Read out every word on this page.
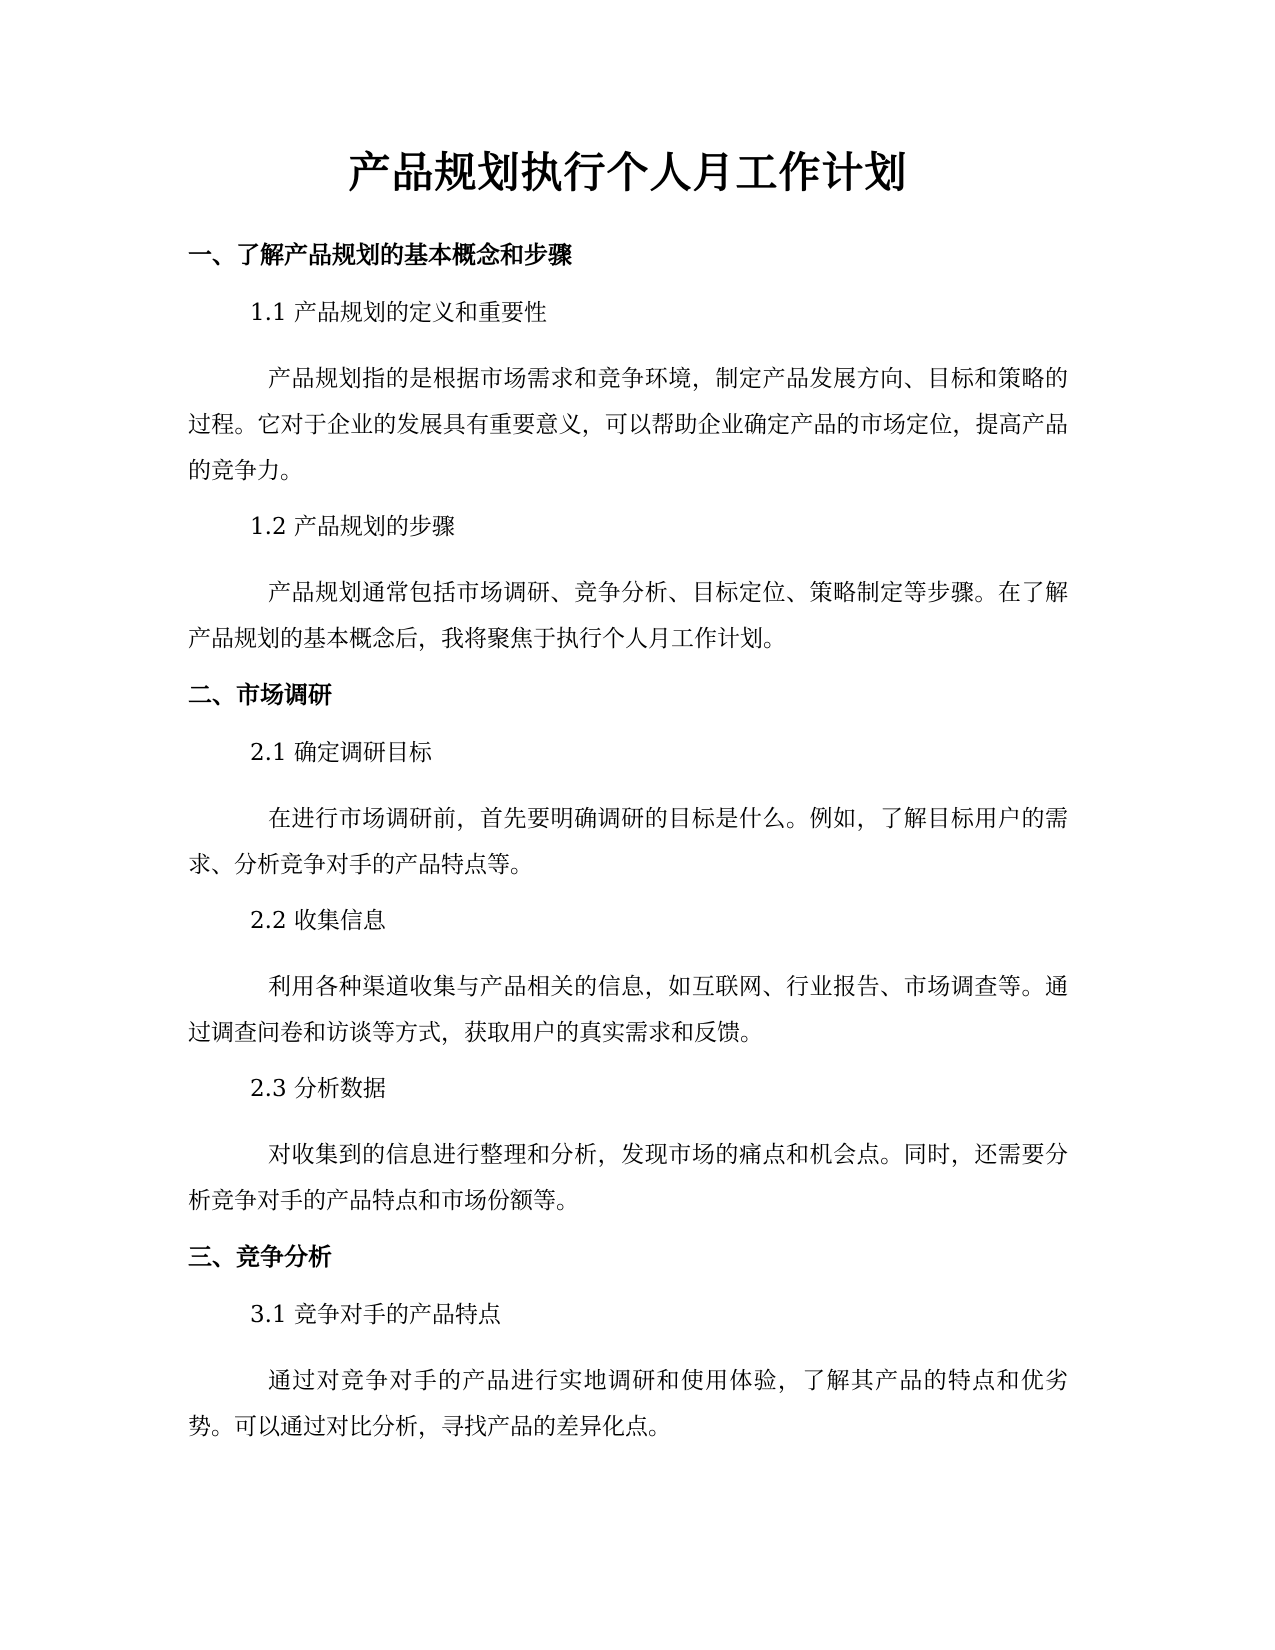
产品规划执行个人月工作计划
一、了解产品规划的基本概念和步骤
1.1 产品规划的定义和重要性

产品规划指的是根据市场需求和竞争环境，制定产品发展方向、目标和策略的过程。它对于企业的发展具有重要意义，可以帮助企业确定产品的市场定位，提高产品的竞争力。

1.2 产品规划的步骤

产品规划通常包括市场调研、竞争分析、目标定位、策略制定等步骤。在了解产品规划的基本概念后，我将聚焦于执行个人月工作计划。

二、市场调研
2.1 确定调研目标

在进行市场调研前，首先要明确调研的目标是什么。例如，了解目标用户的需求、分析竞争对手的产品特点等。

2.2 收集信息

利用各种渠道收集与产品相关的信息，如互联网、行业报告、市场调查等。通过调查问卷和访谈等方式，获取用户的真实需求和反馈。

2.3 分析数据

对收集到的信息进行整理和分析，发现市场的痛点和机会点。同时，还需要分析竞争对手的产品特点和市场份额等。

三、竞争分析
3.1 竞争对手的产品特点

通过对竞争对手的产品进行实地调研和使用体验，了解其产品的特点和优劣势。可以通过对比分析，寻找产品的差异化点。
